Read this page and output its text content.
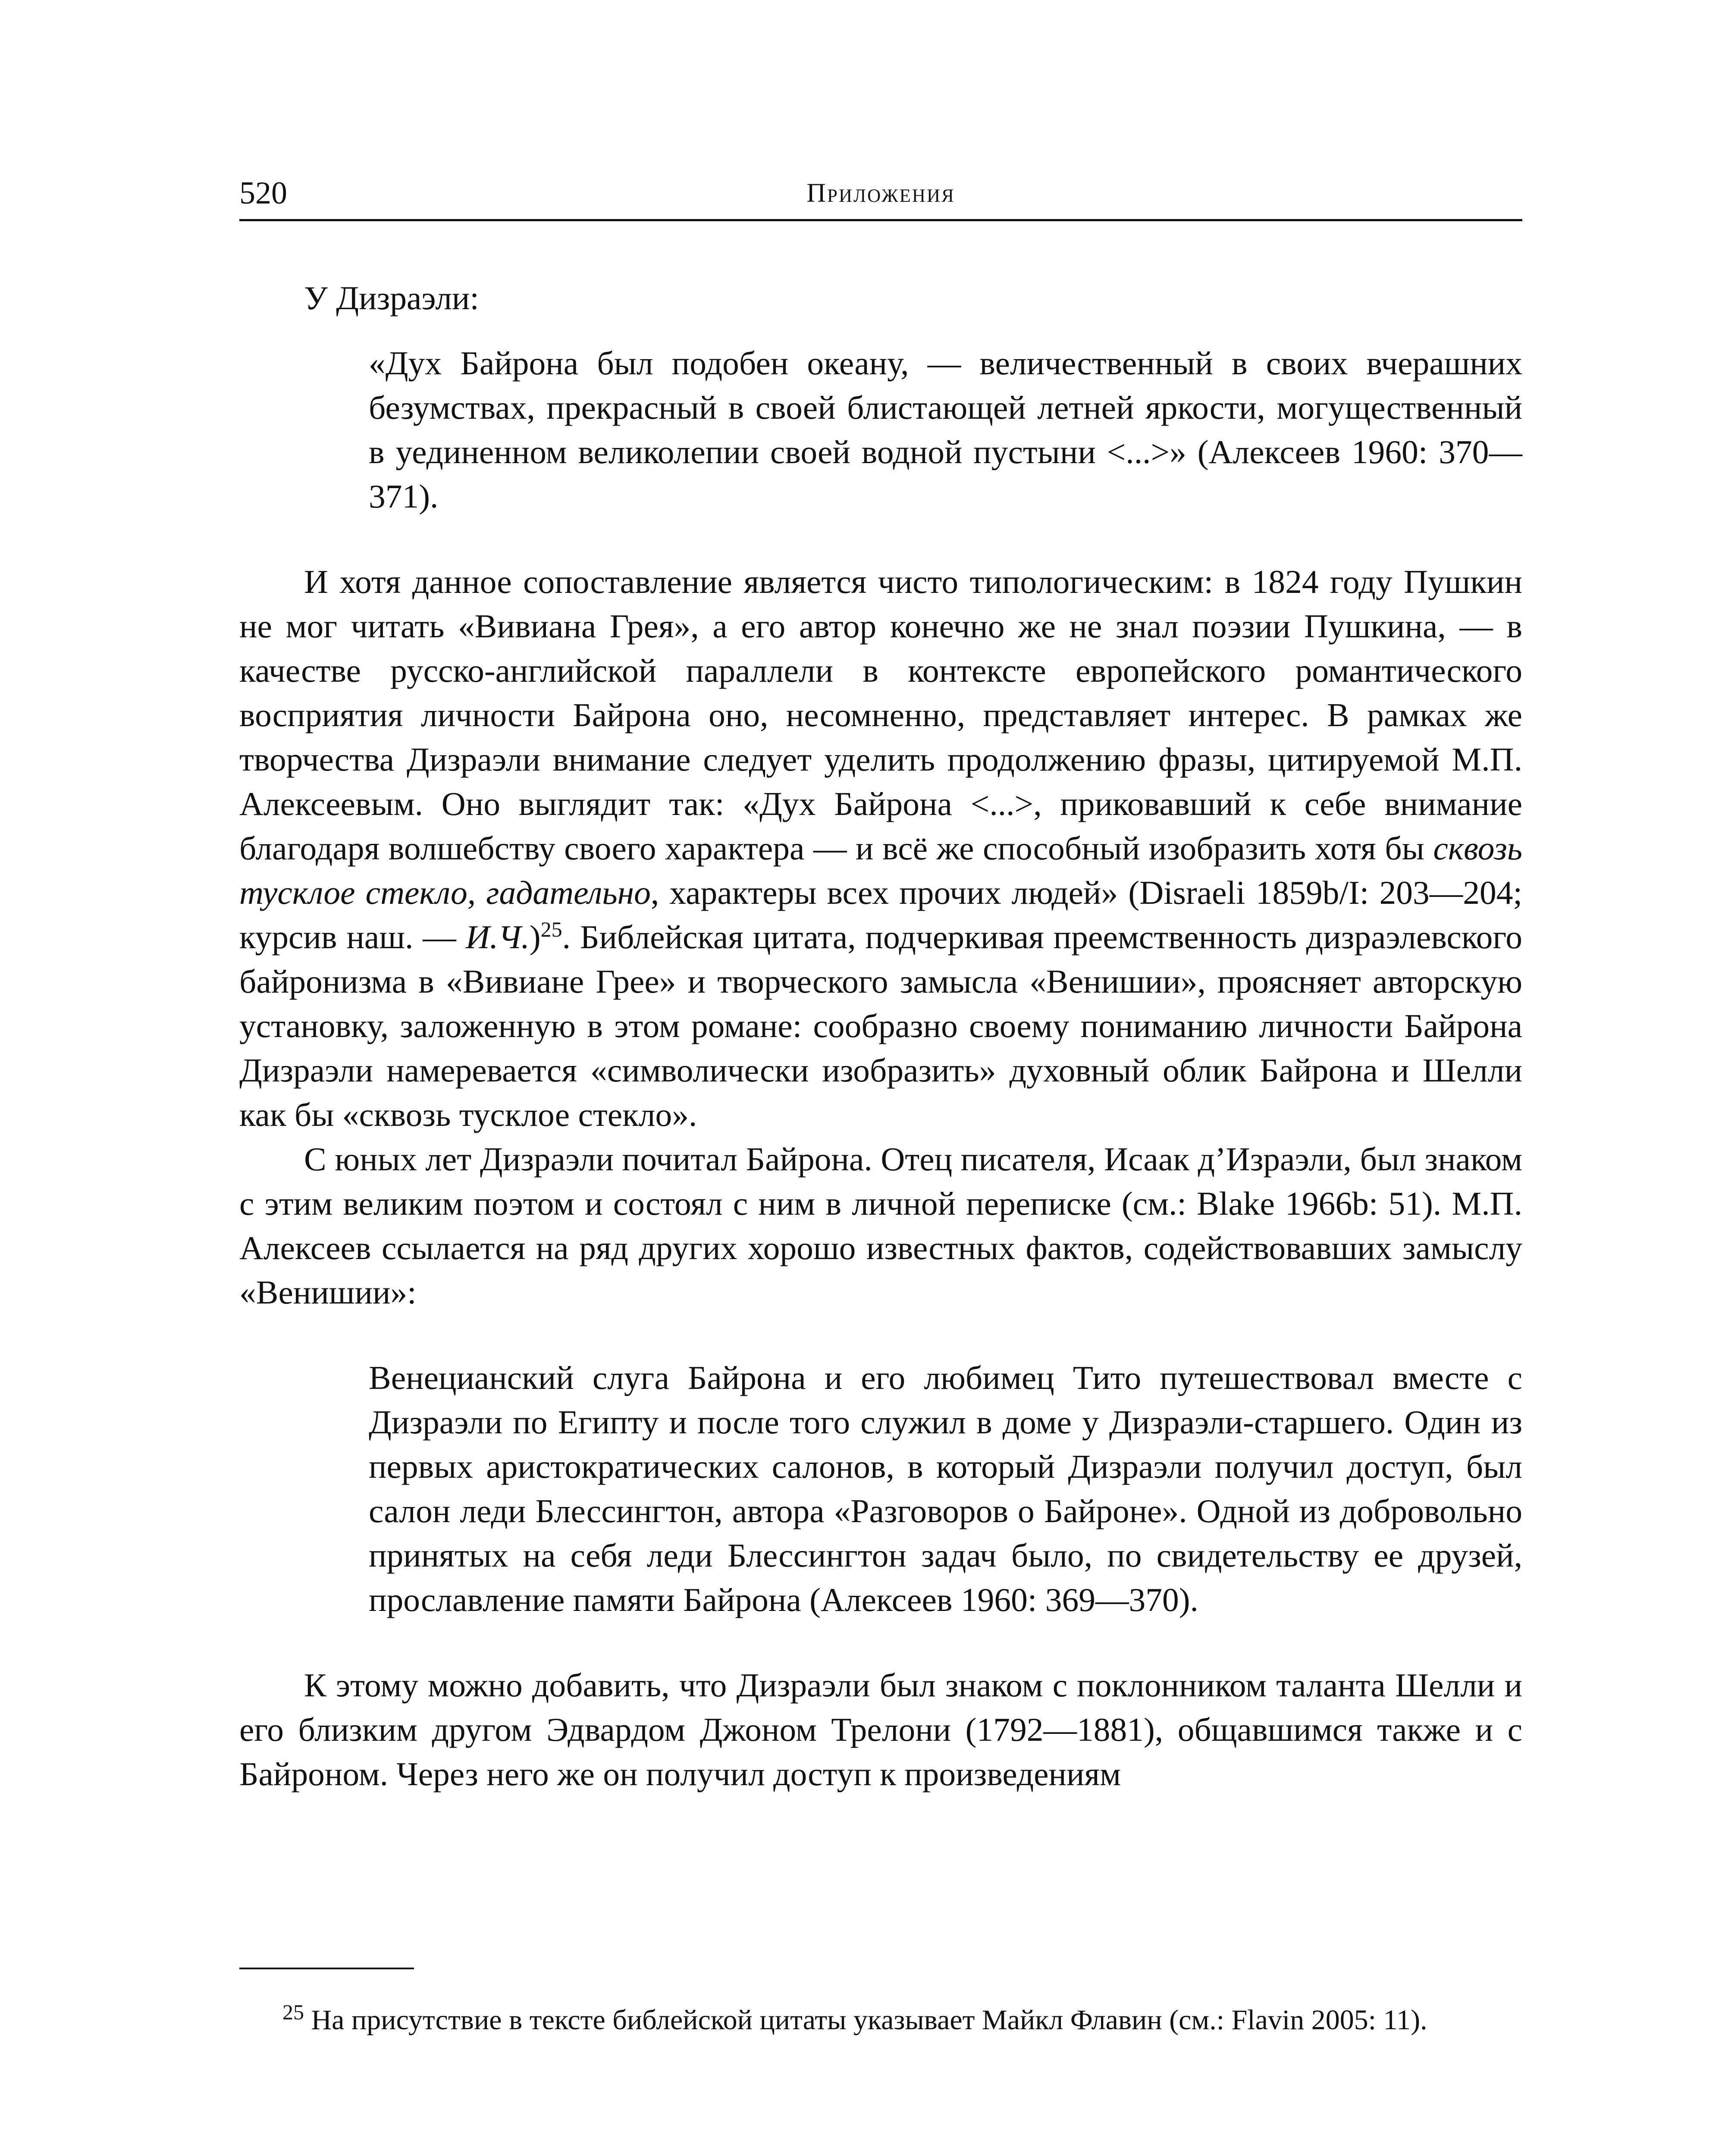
520	Приложения

У Дизраэли:

«Дух Байрона был подобен океану, — величественный в своих вчерашних безумствах, прекрасный в своей блистающей летней яркости, могущественный в уединенном великолепии своей водной пустыни <...>» (Алексеев 1960: 370—371).

И хотя данное сопоставление является чисто типологическим: в 1824 году Пушкин не мог читать «Вивиана Грея», а его автор конечно же не знал поэзии Пушкина, — в качестве русско-английской параллели в контексте европейского романтического восприятия личности Байрона оно, несомненно, представляет интерес. В рамках же творчества Дизраэли внимание следует уделить продолжению фразы, цитируемой М.П. Алексеевым. Оно выглядит так: «Дух Байрона <...>, приковавший к себе внимание благодаря волшебству своего характера — и всё же способный изобразить хотя бы сквозь тусклое стекло, гадательно, характеры всех прочих людей» (Disraeli 1859b/I: 203—204; курсив наш. — И.Ч.)$^{25}$. Библейская цитата, подчеркивая преемственность дизраэлевского байронизма в «Вивиане Грее» и творческого замысла «Венишии», проясняет авторскую установку, заложенную в этом романе: сообразно своему пониманию личности Байрона Дизраэли намеревается «символически изобразить» духовный облик Байрона и Шелли как бы «сквозь тусклое стекло».

С юных лет Дизраэли почитал Байрона. Отец писателя, Исаак д’Израэли, был знаком с этим великим поэтом и состоял с ним в личной переписке (см.: Blake 1966b: 51). М.П. Алексеев ссылается на ряд других хорошо известных фактов, содействовавших замыслу «Венишии»:

Венецианский слуга Байрона и его любимец Тито путешествовал вместе с Дизраэли по Египту и после того служил в доме у Дизраэли-старшего. Один из первых аристократических салонов, в который Дизраэли получил доступ, был салон леди Блессингтон, автора «Разговоров о Байроне». Одной из добровольно принятых на себя леди Блессингтон задач было, по свидетельству ее друзей, прославление памяти Байрона (Алексеев 1960: 369—370).

К этому можно добавить, что Дизраэли был знаком с поклонником таланта Шелли и его близким другом Эдвардом Джоном Трелони (1792—1881), общавшимся также и с Байроном. Через него же он получил доступ к произведениям

$^{25}$ На присутствие в тексте библейской цитаты указывает Майкл Флавин (см.: Flavin 2005: 11).
